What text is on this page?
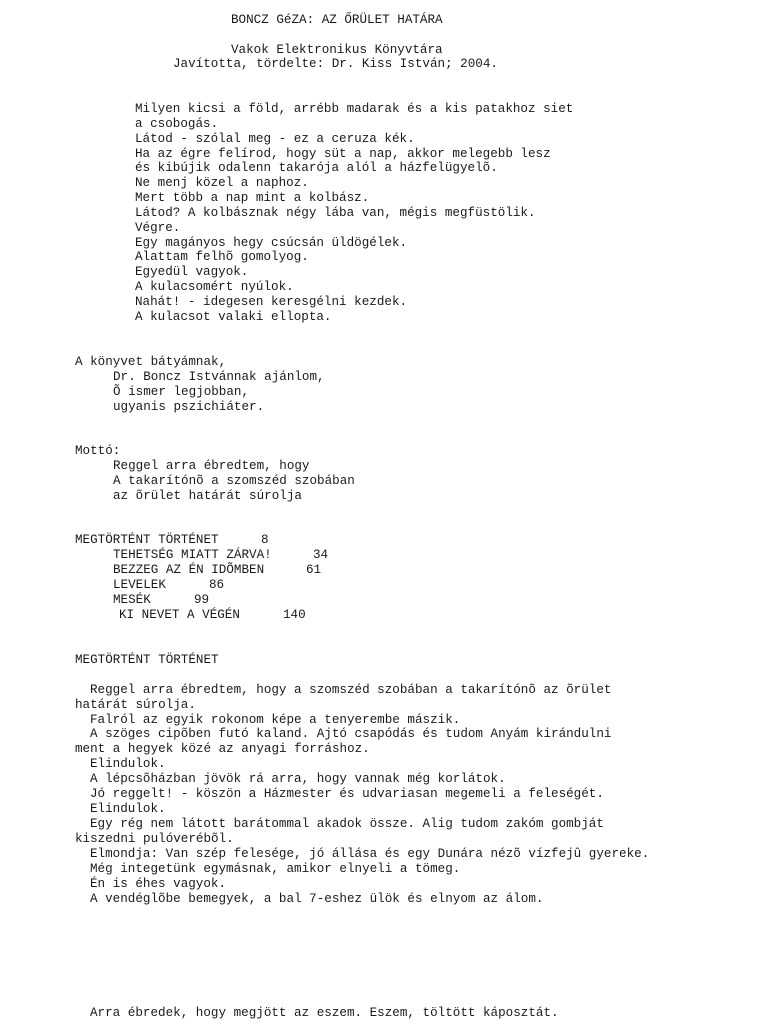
BONCZ GéZA: AZ ŐRÜLET HATÁRA
Vakok Elektronikus Könyvtára
Javította, tördelte: Dr. Kiss István; 2004.
Milyen kicsi a föld, arrébb madarak és a kis patakhoz siet
a csobogás.
Látod - szólal meg - ez a ceruza kék.
Ha az égre felírod, hogy süt a nap, akkor melegebb lesz
és kibújik odalenn takarója alól a házfelügyelõ.
Ne menj közel a naphoz.
Mert több a nap mint a kolbász.
Látod? A kolbásznak négy lába van, mégis megfüstölik.
Végre.
Egy magányos hegy csúcsán üldögélek.
Alattam felhõ gomolyog.
Egyedül vagyok.
A kulacsomért nyúlok.
Nahát! - idegesen keresgélni kezdek.
A kulacsot valaki ellopta.
A könyvet bátyámnak,
Dr. Boncz Istvánnak ajánlom,
Õ ismer legjobban,
ugyanis pszichiáter.
Mottó:
Reggel arra ébredtem, hogy
A takarítónõ a szomszéd szobában
az õrület határát súrolja
MEGTÖRTÉNT TÖRTÉNET	8
TEHETSÉG MIATT ZÁRVA!	34
BEZZEG AZ ÉN IDÕMBEN	61
LEVELEK	86
MESÉK	99
KI NEVET A VÉGÉN	140
MEGTÖRTÉNT TÖRTÉNET
Reggel arra ébredtem, hogy a szomszéd szobában a takarítónõ az õrület
határát súrolja.
Falról az egyik rokonom képe a tenyerembe mászik.
A szöges cipõben futó kaland. Ajtó csapódás és tudom Anyám kirándulni
ment a hegyek közé az anyagi forráshoz.
Elindulok.
A lépcsõházban jövök rá arra, hogy vannak még korlátok.
Jó reggelt! - köszön a Házmester és udvariasan megemeli a feleségét.
Elindulok.
Egy rég nem látott barátommal akadok össze. Alig tudom zakóm gombját
kiszedni pulóverébõl.
Elmondja: Van szép felesége, jó állása és egy Dunára nézõ vízfejû gyereke.
Még integetünk egymásnak, amikor elnyeli a tömeg.
Én is éhes vagyok.
A vendéglõbe bemegyek, a bal 7-eshez ülök és elnyom az álom.
Arra ébredek, hogy megjött az eszem. Eszem, töltött káposztát.
